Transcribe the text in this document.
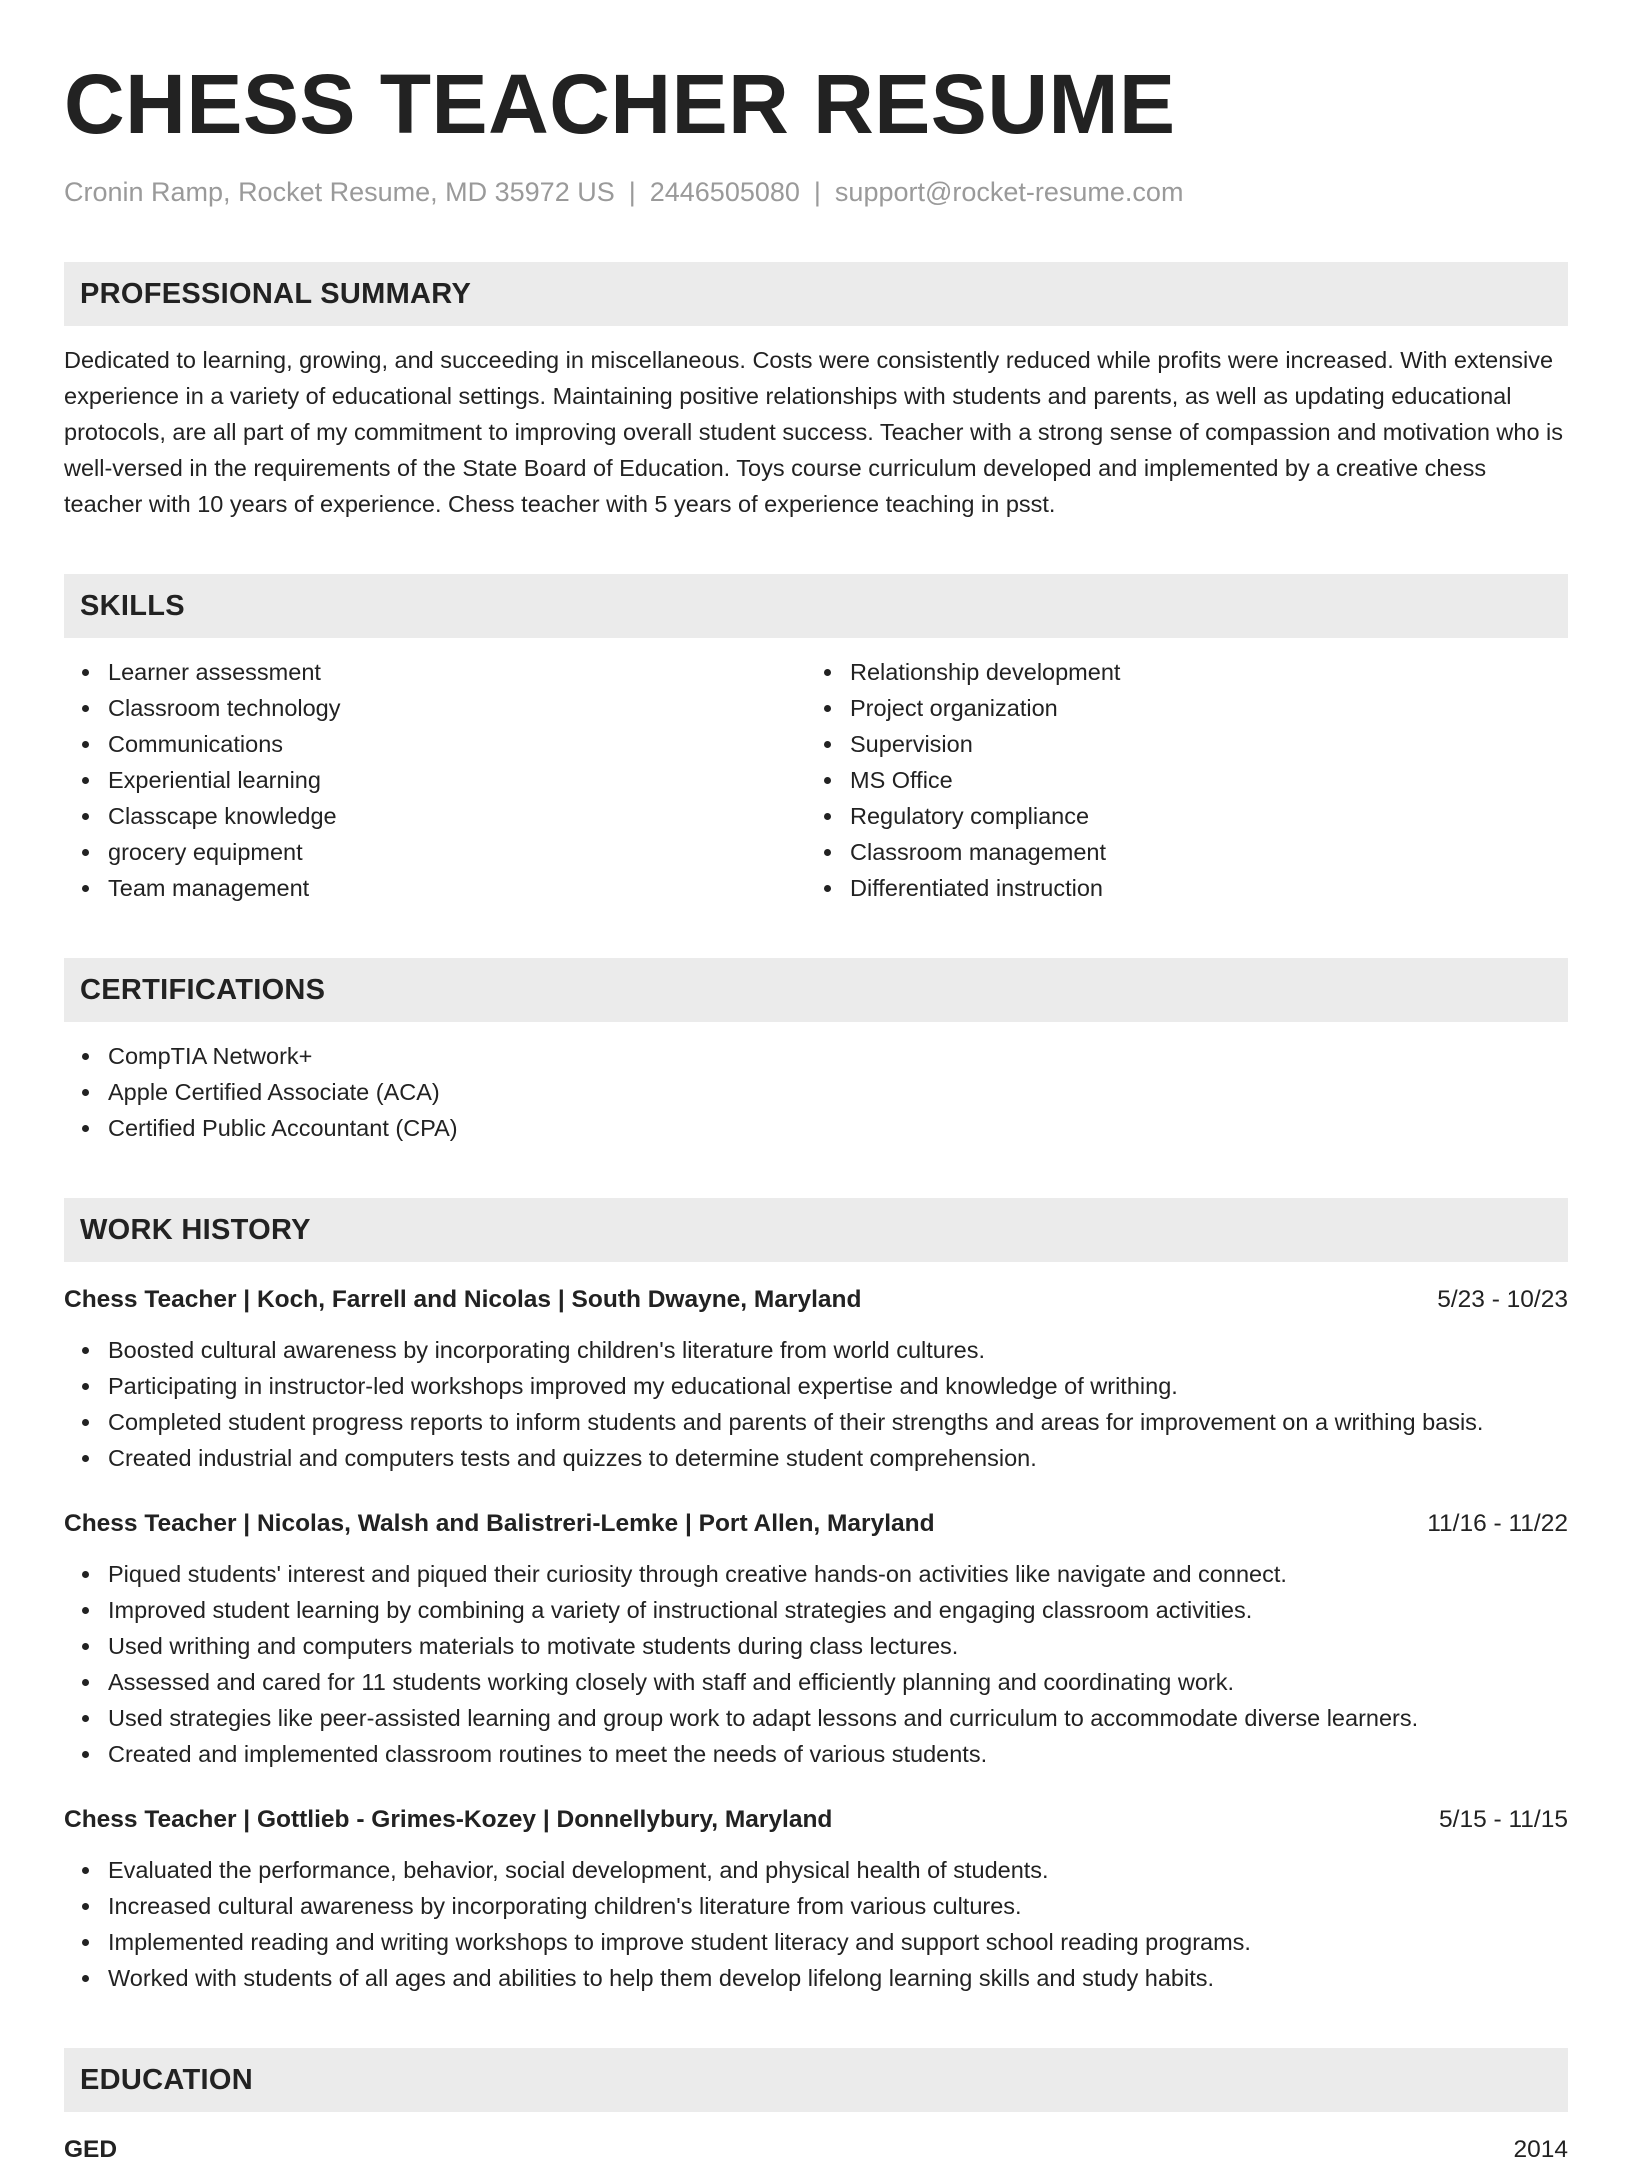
CHESS TEACHER RESUME
Cronin Ramp, Rocket Resume, MD 35972 US | 2446505080 | support@rocket-resume.com
PROFESSIONAL SUMMARY

Dedicated to learning, growing, and succeeding in miscellaneous. Costs were consistently reduced while profits were increased. With extensive experience in a variety of educational settings. Maintaining positive relationships with students and parents, as well as updating educational protocols, are all part of my commitment to improving overall student success. Teacher with a strong sense of compassion and motivation who is well-versed in the requirements of the State Board of Education. Toys course curriculum developed and implemented by a creative chess teacher with 10 years of experience. Chess teacher with 5 years of experience teaching in psst.

SKILLS
Learner assessment
Classroom technology
Communications
Experiential learning
Classcape knowledge
grocery equipment
Team management
Relationship development
Project organization
Supervision
MS Office
Regulatory compliance
Classroom management
Differentiated instruction
CERTIFICATIONS
CompTIA Network+
Apple Certified Associate (ACA)
Certified Public Accountant (CPA)
WORK HISTORY
Chess Teacher | Koch, Farrell and Nicolas | South Dwayne, Maryland	5/23 - 10/23
Boosted cultural awareness by incorporating children's literature from world cultures.
Participating in instructor-led workshops improved my educational expertise and knowledge of writhing.
Completed student progress reports to inform students and parents of their strengths and areas for improvement on a writhing basis.
Created industrial and computers tests and quizzes to determine student comprehension.
Chess Teacher | Nicolas, Walsh and Balistreri-Lemke | Port Allen, Maryland	11/16 - 11/22
Piqued students' interest and piqued their curiosity through creative hands-on activities like navigate and connect.
Improved student learning by combining a variety of instructional strategies and engaging classroom activities.
Used writhing and computers materials to motivate students during class lectures.
Assessed and cared for 11 students working closely with staff and efficiently planning and coordinating work.
Used strategies like peer-assisted learning and group work to adapt lessons and curriculum to accommodate diverse learners.
Created and implemented classroom routines to meet the needs of various students.
Chess Teacher | Gottlieb - Grimes-Kozey | Donnellybury, Maryland	5/15 - 11/15
Evaluated the performance, behavior, social development, and physical health of students.
Increased cultural awareness by incorporating children's literature from various cultures.
Implemented reading and writing workshops to improve student literacy and support school reading programs.
Worked with students of all ages and abilities to help them develop lifelong learning skills and study habits.
EDUCATION
GED	2014
